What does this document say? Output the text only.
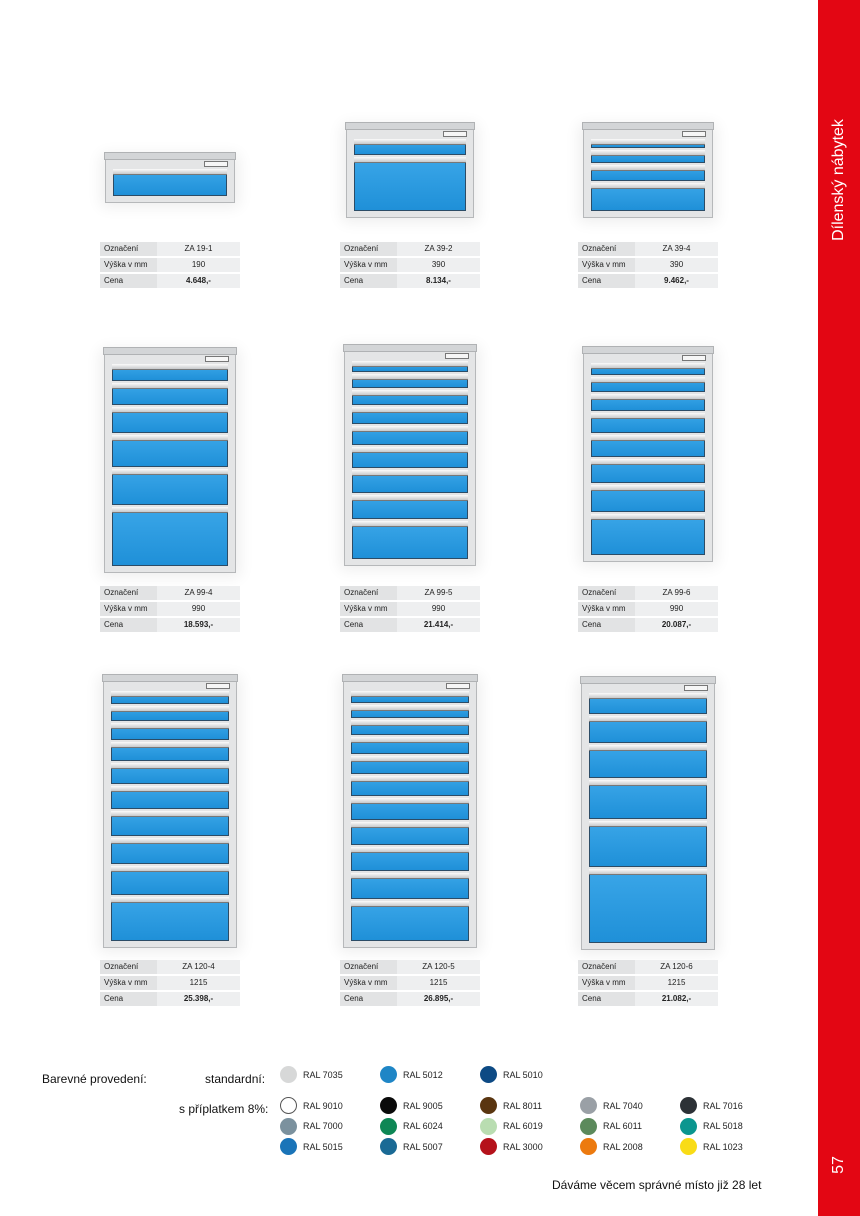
Dílenský nábytek
57
Označení	ZA 19-1
Výška v mm	190
Cena	4.648,-
Označení	ZA 39-2
Výška v mm	390
Cena	8.134,-
Označení	ZA 39-4
Výška v mm	390
Cena	9.462,-
Označení	ZA 99-4
Výška v mm	990
Cena	18.593,-
Označení	ZA 99-5
Výška v mm	990
Cena	21.414,-
Označení	ZA 99-6
Výška v mm	990
Cena	20.087,-
Označení	ZA 120-4
Výška v mm	1215
Cena	25.398,-
Označení	ZA 120-5
Výška v mm	1215
Cena	26.895,-
Označení	ZA 120-6
Výška v mm	1215
Cena	21.082,-
Barevné provedení:	standardní:
s příplatkem 8%:
RAL 7035	RAL 5012	RAL 5010
RAL 9010	RAL 9005	RAL 8011	RAL 7040	RAL 7016
RAL 7000	RAL 6024	RAL 6019	RAL 6011	RAL 5018
RAL 5015	RAL 5007	RAL 3000	RAL 2008	RAL 1023
Dáváme věcem správné místo již 28 let
